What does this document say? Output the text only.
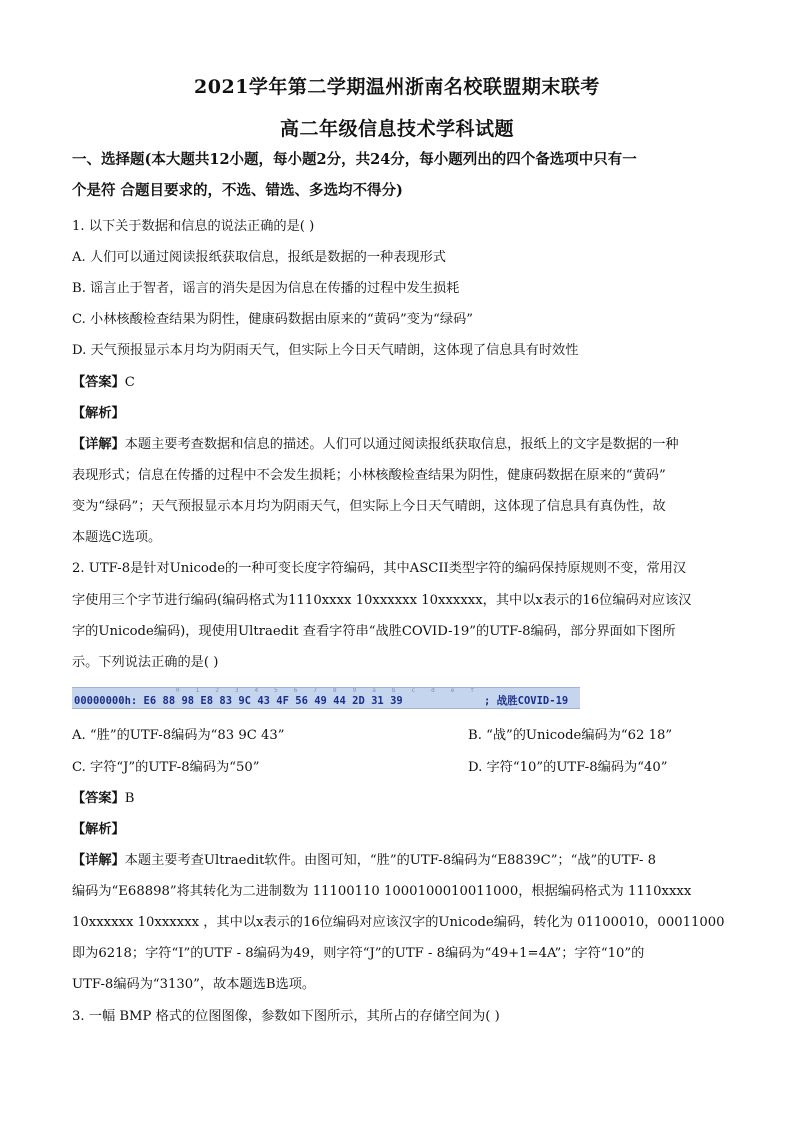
2021学年第二学期温州浙南名校联盟期末联考
高二年级信息技术学科试题
一、选择题(本大题共12小题，每小题2分，共24分，每小题列出的四个备选项中只有一
个是符 合题目要求的，不选、错选、多选均不得分)
1. 以下关于数据和信息的说法正确的是( )
A. 人们可以通过阅读报纸获取信息，报纸是数据的一种表现形式
B. 谣言止于智者，谣言的消失是因为信息在传播的过程中发生损耗
C. 小林核酸检查结果为阴性，健康码数据由原来的“黄码”变为“绿码”
D. 天气预报显示本月均为阴雨天气，但实际上今日天气晴朗，这体现了信息具有时效性
【答案】C
【解析】
【详解】本题主要考查数据和信息的描述。人们可以通过阅读报纸获取信息，报纸上的文字是数据的一种
表现形式；信息在传播的过程中不会发生损耗；小林核酸检查结果为阴性，健康码数据在原来的“黄码”
变为“绿码”；天气预报显示本月均为阴雨天气，但实际上今日天气晴朗，这体现了信息具有真伪性，故
本题选C选项。
2. UTF-8是针对Unicode的一种可变长度字符编码，其中ASCII类型字符的编码保持原规则不变，常用汉
字使用三个字节进行编码(编码格式为1110xxxx 10xxxxxx 10xxxxxx，其中以x表示的16位编码对应该汉
字的Unicode编码)，现使用Ultraedit 查看字符串“战胜COVID-19”的UTF-8编码，部分界面如下图所
示。下列说法正确的是( )
0 1 2 3 4 5 6 7 8 9 a b c d e f
00000000h: E6 88 98 E8 83 9C 43 4F 56 49 44 2D 31 39	; 战胜COVID-19
A. “胜”的UTF-8编码为“83 9C 43”	B. “战”的Unicode编码为“62 18”
C. 字符“J”的UTF-8编码为“50”	D. 字符“10”的UTF-8编码为“40”
【答案】B
【解析】
【详解】本题主要考查Ultraedit软件。由图可知，“胜”的UTF-8编码为“E8839C”；“战”的UTF- 8
编码为“E68898”将其转化为二进制数为 11100110 1000100010011000，根据编码格式为 1110xxxx
10xxxxxx 10xxxxxx ，其中以x表示的16位编码对应该汉字的Unicode编码，转化为 01100010，00011000
即为6218；字符“I”的UTF - 8编码为49，则字符“J”的UTF - 8编码为“49+1=4A”；字符“10”的
UTF-8编码为“3130”，故本题选B选项。
3. 一幅 BMP 格式的位图图像，参数如下图所示，其所占的存储空间为( )
